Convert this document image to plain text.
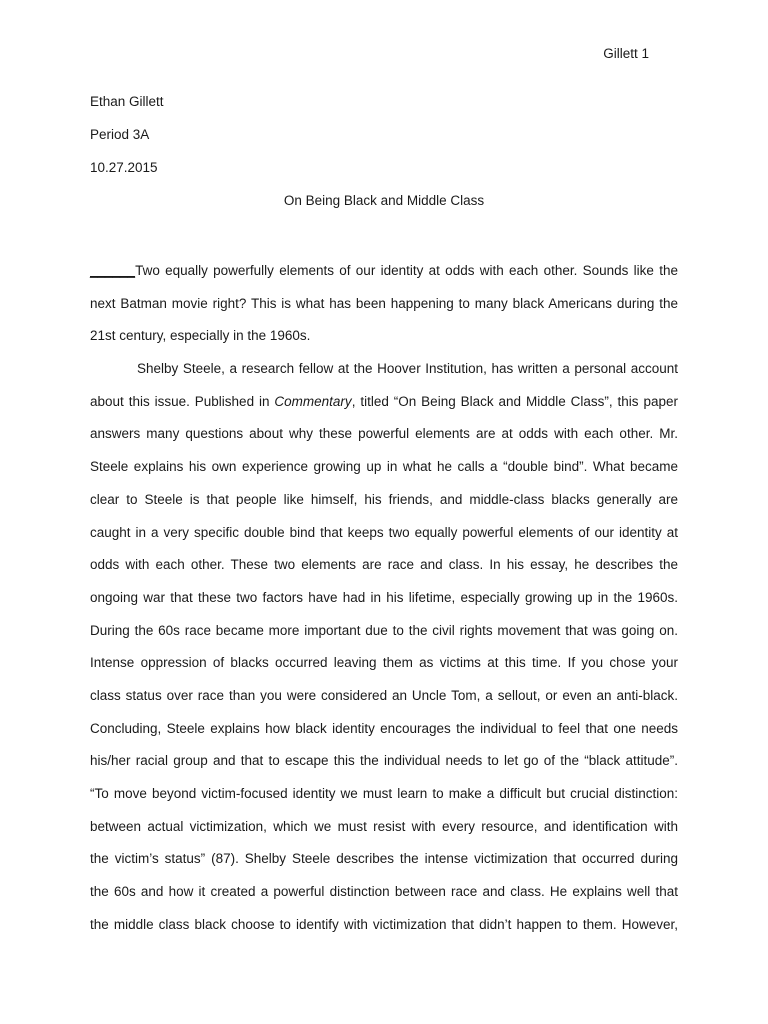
Gillett 1
Ethan Gillett
Period 3A
10.27.2015
On Being Black and Middle Class
______Two equally powerfully elements of our identity at odds with each other. Sounds like the
next Batman movie right? This is what has been happening to many black Americans during the
21st century, especially in the 1960s.
Shelby Steele, a research fellow at the Hoover Institution, has written a personal account
about this issue. Published in Commentary, titled “On Being Black and Middle Class”, this paper
answers many questions about why these powerful elements are at odds with each other. Mr.
Steele explains his own experience growing up in what he calls a “double bind”. What became
clear to Steele is that people like himself, his friends, and middle-class blacks generally are
caught in a very specific double bind that keeps two equally powerful elements of our identity at
odds with each other. These two elements are race and class. In his essay, he describes the
ongoing war that these two factors have had in his lifetime, especially growing up in the 1960s.
During the 60s race became more important due to the civil rights movement that was going on.
Intense oppression of blacks occurred leaving them as victims at this time. If you chose your
class status over race than you were considered an Uncle Tom, a sellout, or even an anti-black.
Concluding, Steele explains how black identity encourages the individual to feel that one needs
his/her racial group and that to escape this the individual needs to let go of the “black attitude”.
“To move beyond victim-focused identity we must learn to make a difficult but crucial distinction:
between actual victimization, which we must resist with every resource, and identification with
the victim’s status” (87). Shelby Steele describes the intense victimization that occurred during
the 60s and how it created a powerful distinction between race and class. He explains well that
the middle class black choose to identify with victimization that didn’t happen to them. However,
